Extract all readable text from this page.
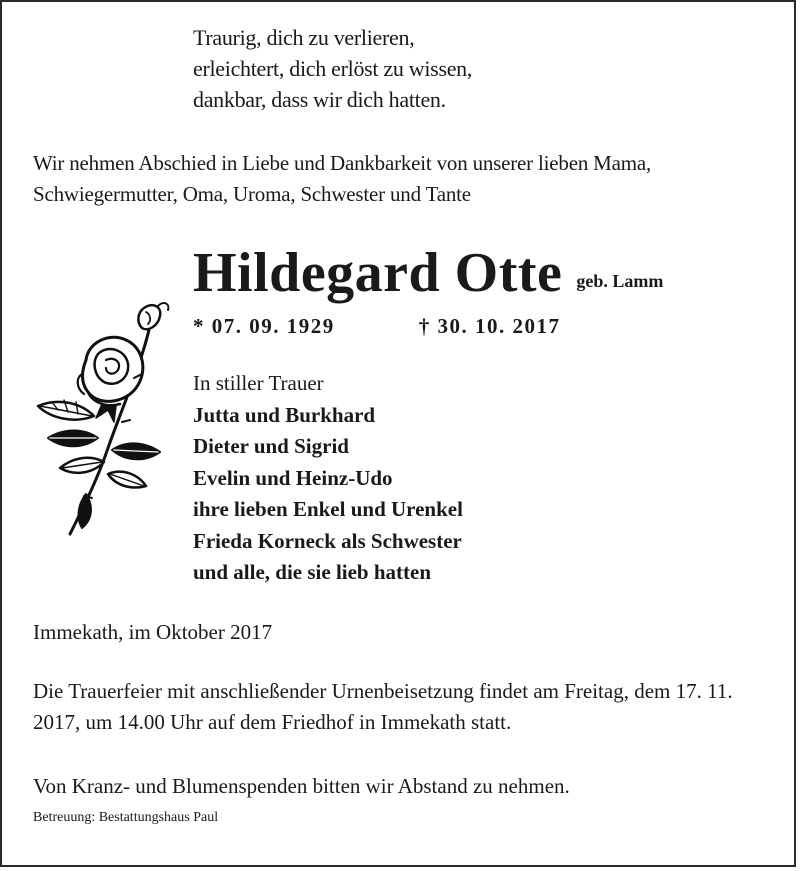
Traurig, dich zu verlieren,
erleichtert, dich erlöst zu wissen,
dankbar, dass wir dich hatten.
Wir nehmen Abschied in Liebe und Dankbarkeit von unserer lieben Mama, Schwiegermutter, Oma, Uroma, Schwester und Tante
Hildegard Otte geb. Lamm
* 07. 09. 1929	† 30. 10. 2017
In stiller Trauer
Jutta und Burkhard
Dieter und Sigrid
Evelin und Heinz-Udo
ihre lieben Enkel und Urenkel
Frieda Korneck als Schwester
und alle, die sie lieb hatten
Immekath, im Oktober 2017
Die Trauerfeier mit anschließender Urnenbeisetzung findet am Freitag, dem 17. 11. 2017, um 14.00 Uhr auf dem Friedhof in Immekath statt.
Von Kranz- und Blumenspenden bitten wir Abstand zu nehmen.
Betreuung: Bestattungshaus Paul
